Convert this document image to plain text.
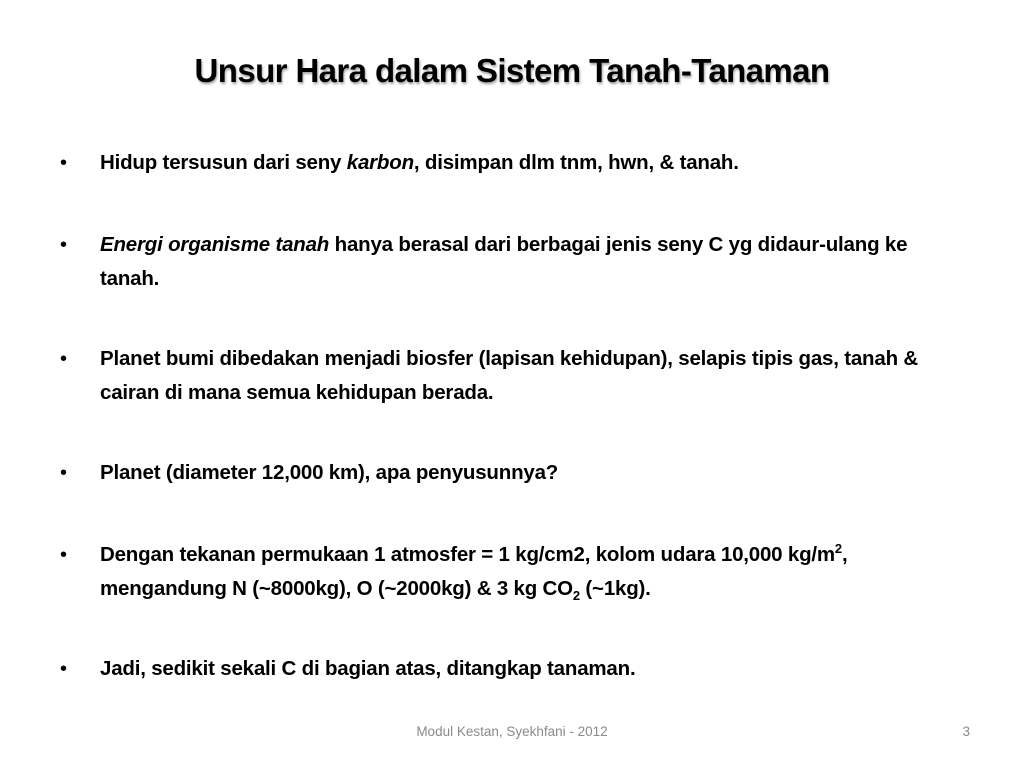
Unsur Hara dalam Sistem Tanah-Tanaman
• Hidup tersusun dari seny karbon, disimpan dlm tnm, hwn, & tanah.
• Energi organisme tanah hanya berasal dari berbagai jenis seny C yg didaur-ulang ke tanah.
• Planet bumi dibedakan menjadi biosfer (lapisan kehidupan), selapis tipis gas, tanah & cairan di mana semua kehidupan berada.
• Planet (diameter 12,000 km), apa penyusunnya?
• Dengan tekanan permukaan 1 atmosfer = 1 kg/cm2, kolom udara 10,000 $kg/m^2$, mengandung N (~8000kg), O (~2000kg) & 3 kg $CO_2$ (~1kg).
• Jadi, sedikit sekali C di bagian atas, ditangkap tanaman.
Modul Kestan, Syekhfani - 2012	3
